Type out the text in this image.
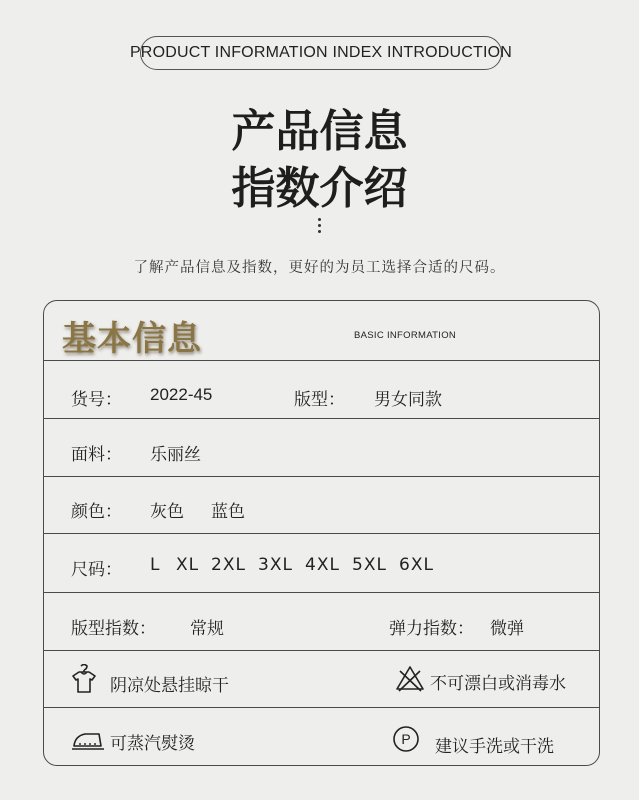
PRODUCT INFORMATION INDEX INTRODUCTION
产品信息
指数介绍
了解产品信息及指数，更好的为员工选择合适的尺码。
基本信息	BASIC INFORMATION
货号： 2022-45	版型： 男女同款
面料： 乐丽丝
颜色： 灰色 蓝色
尺码： L XL 2XL 3XL 4XL 5XL 6XL
版型指数： 常规	弹力指数： 微弹
阴凉处悬挂晾干	不可漂白或消毒水
可蒸汽熨烫	P 建议手洗或干洗
